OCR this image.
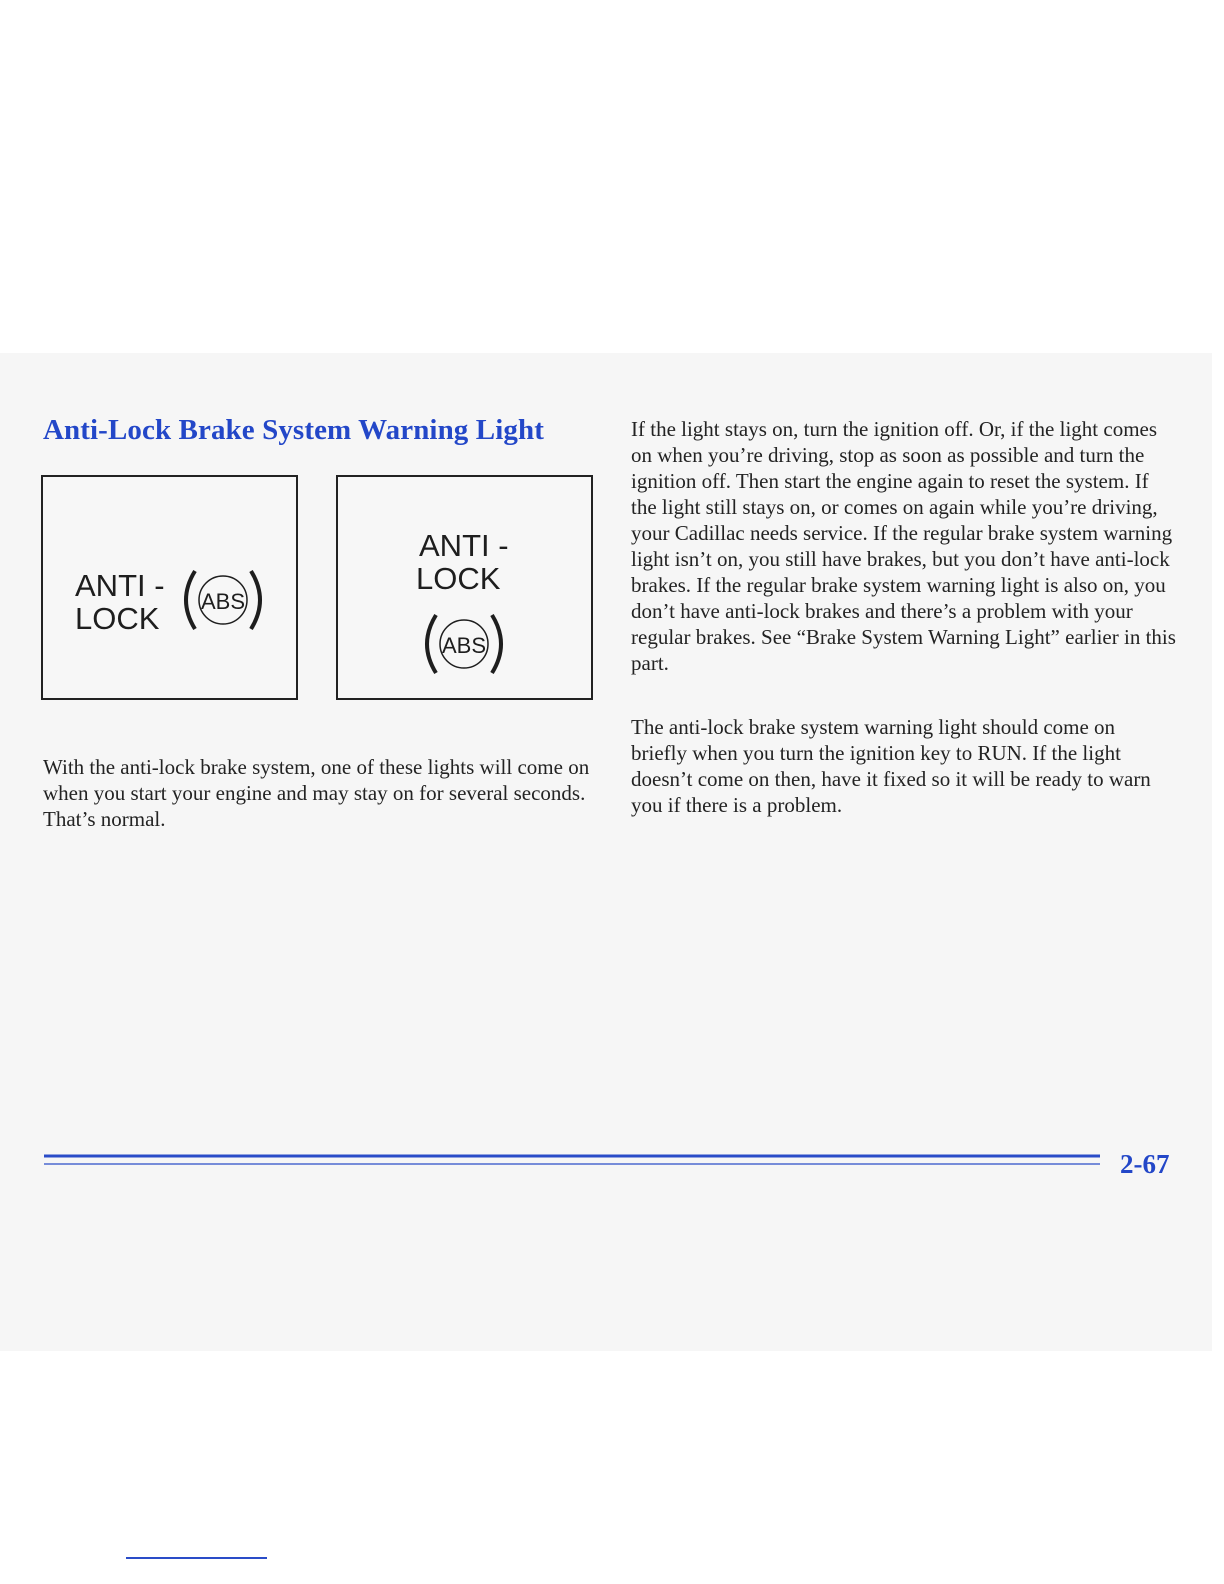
Anti-Lock Brake System Warning Light
ANTI -
LOCK ABS
ANTI -
LOCK
ABS

With the anti-lock brake system, one of these lights will come on when you start your engine and may stay on for several seconds. That’s normal.

If the light stays on, turn the ignition off. Or, if the light comes on when you’re driving, stop as soon as possible and turn the ignition off. Then start the engine again to reset the system. If the light still stays on, or comes on again while you’re driving, your Cadillac needs service. If the regular brake system warning light isn’t on, you still have brakes, but you don’t have anti-lock brakes. If the regular brake system warning light is also on, you don’t have anti-lock brakes and there’s a problem with your regular brakes. See “Brake System Warning Light” earlier in this part.

The anti-lock brake system warning light should come on briefly when you turn the ignition key to RUN. If the light doesn’t come on then, have it fixed so it will be ready to warn you if there is a problem.

2-67
